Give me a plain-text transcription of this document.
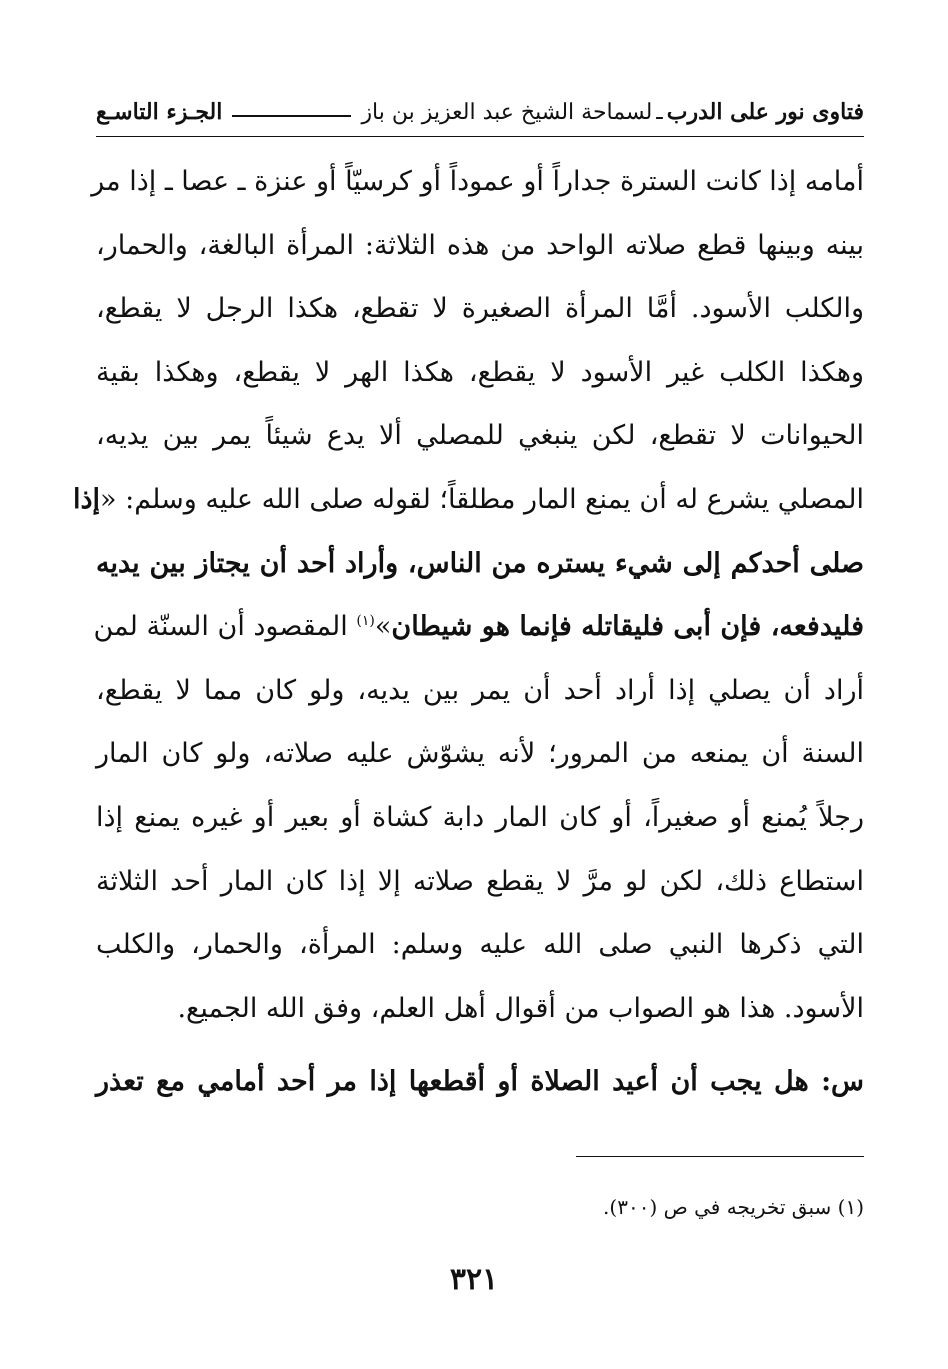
فتاوى نور على الدرب
ـ
لسماحة الشيخ عبد العزيز بن باز
الجـزء التاسـع
أمامه إذا كانت السترة جداراً أو عموداً أو كرسيّاً أو عنزة ـ عصا ـ إذا مر
بينه وبينها قطع صلاته الواحد من هذه الثلاثة: المرأة البالغة، والحمار،
والكلب الأسود. أمَّا المرأة الصغيرة لا تقطع، هكذا الرجل لا يقطع،
وهكذا الكلب غير الأسود لا يقطع، هكذا الهر لا يقطع، وهكذا بقية
الحيوانات لا تقطع، لكن ينبغي للمصلي ألا يدع شيئاً يمر بين يديه،
المصلي يشرع له أن يمنع المار مطلقاً؛ لقوله صلى الله عليه وسلم: «إذا
صلى أحدكم إلى شيء يستره من الناس، وأراد أحد أن يجتاز بين يديه
فليدفعه، فإن أبى فليقاتله فإنما هو شيطان»$^{(١)}$ المقصود أن السنّة لمن
أراد أن يصلي إذا أراد أحد أن يمر بين يديه، ولو كان مما لا يقطع،
السنة أن يمنعه من المرور؛ لأنه يشوّش عليه صلاته، ولو كان المار
رجلاً يُمنع أو صغيراً، أو كان المار دابة كشاة أو بعير أو غيره يمنع إذا
استطاع ذلك، لكن لو مرَّ لا يقطع صلاته إلا إذا كان المار أحد الثلاثة
التي ذكرها النبي صلى الله عليه وسلم: المرأة، والحمار، والكلب
الأسود. هذا هو الصواب من أقوال أهل العلم، وفق الله الجميع.
س: هل يجب أن أعيد الصلاة أو أقطعها إذا مر أحد أمامي مع تعذر
(١) سبق تخريجه في ص (٣٠٠).
٣٢١
